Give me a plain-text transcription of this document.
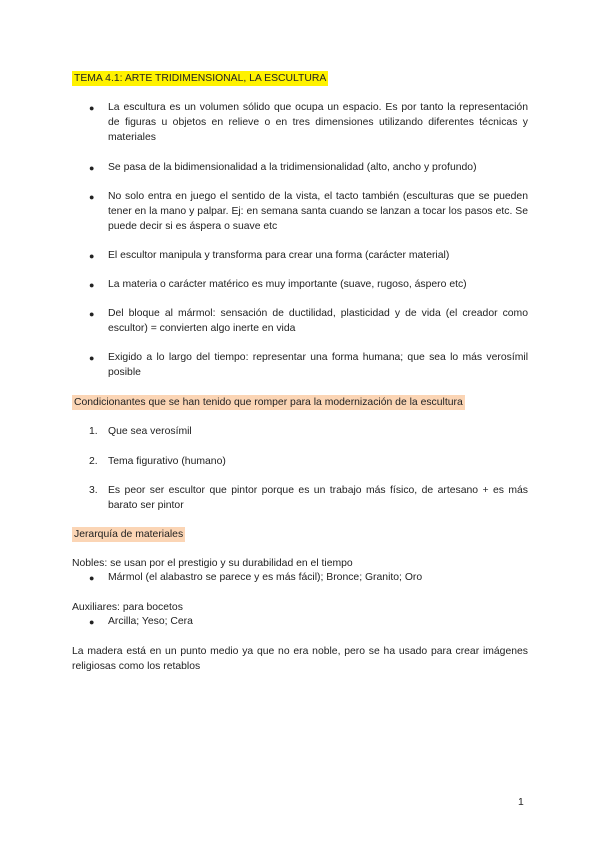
TEMA 4.1: ARTE TRIDIMENSIONAL, LA ESCULTURA
●	La escultura es un volumen sólido que ocupa un espacio. Es por tanto la representación de figuras u objetos en relieve o en tres dimensiones utilizando diferentes técnicas y materiales
●	Se pasa de la bidimensionalidad a la tridimensionalidad (alto, ancho y profundo)
●	No solo entra en juego el sentido de la vista, el tacto también (esculturas que se pueden tener en la mano y palpar. Ej: en semana santa cuando se lanzan a tocar los pasos etc. Se puede decir si es áspera o suave etc
●	El escultor manipula y transforma para crear una forma (carácter material)
●	La materia o carácter matérico es muy importante (suave, rugoso, áspero etc)
●	Del bloque al mármol: sensación de ductilidad, plasticidad y de vida (el creador como escultor) = convierten algo inerte en vida
●	Exigido a lo largo del tiempo: representar una forma humana; que sea lo más verosímil posible
Condicionantes que se han tenido que romper para la modernización de la escultura
1. Que sea verosímil
2. Tema figurativo (humano)
3. Es peor ser escultor que pintor porque es un trabajo más físico, de artesano + es más barato ser pintor
Jerarquía de materiales
Nobles: se usan por el prestigio y su durabilidad en el tiempo
●	Mármol (el alabastro se parece y es más fácil); Bronce; Granito; Oro
Auxiliares: para bocetos
●	Arcilla; Yeso; Cera
La madera está en un punto medio ya que no era noble, pero se ha usado para crear imágenes religiosas como los retablos
1
